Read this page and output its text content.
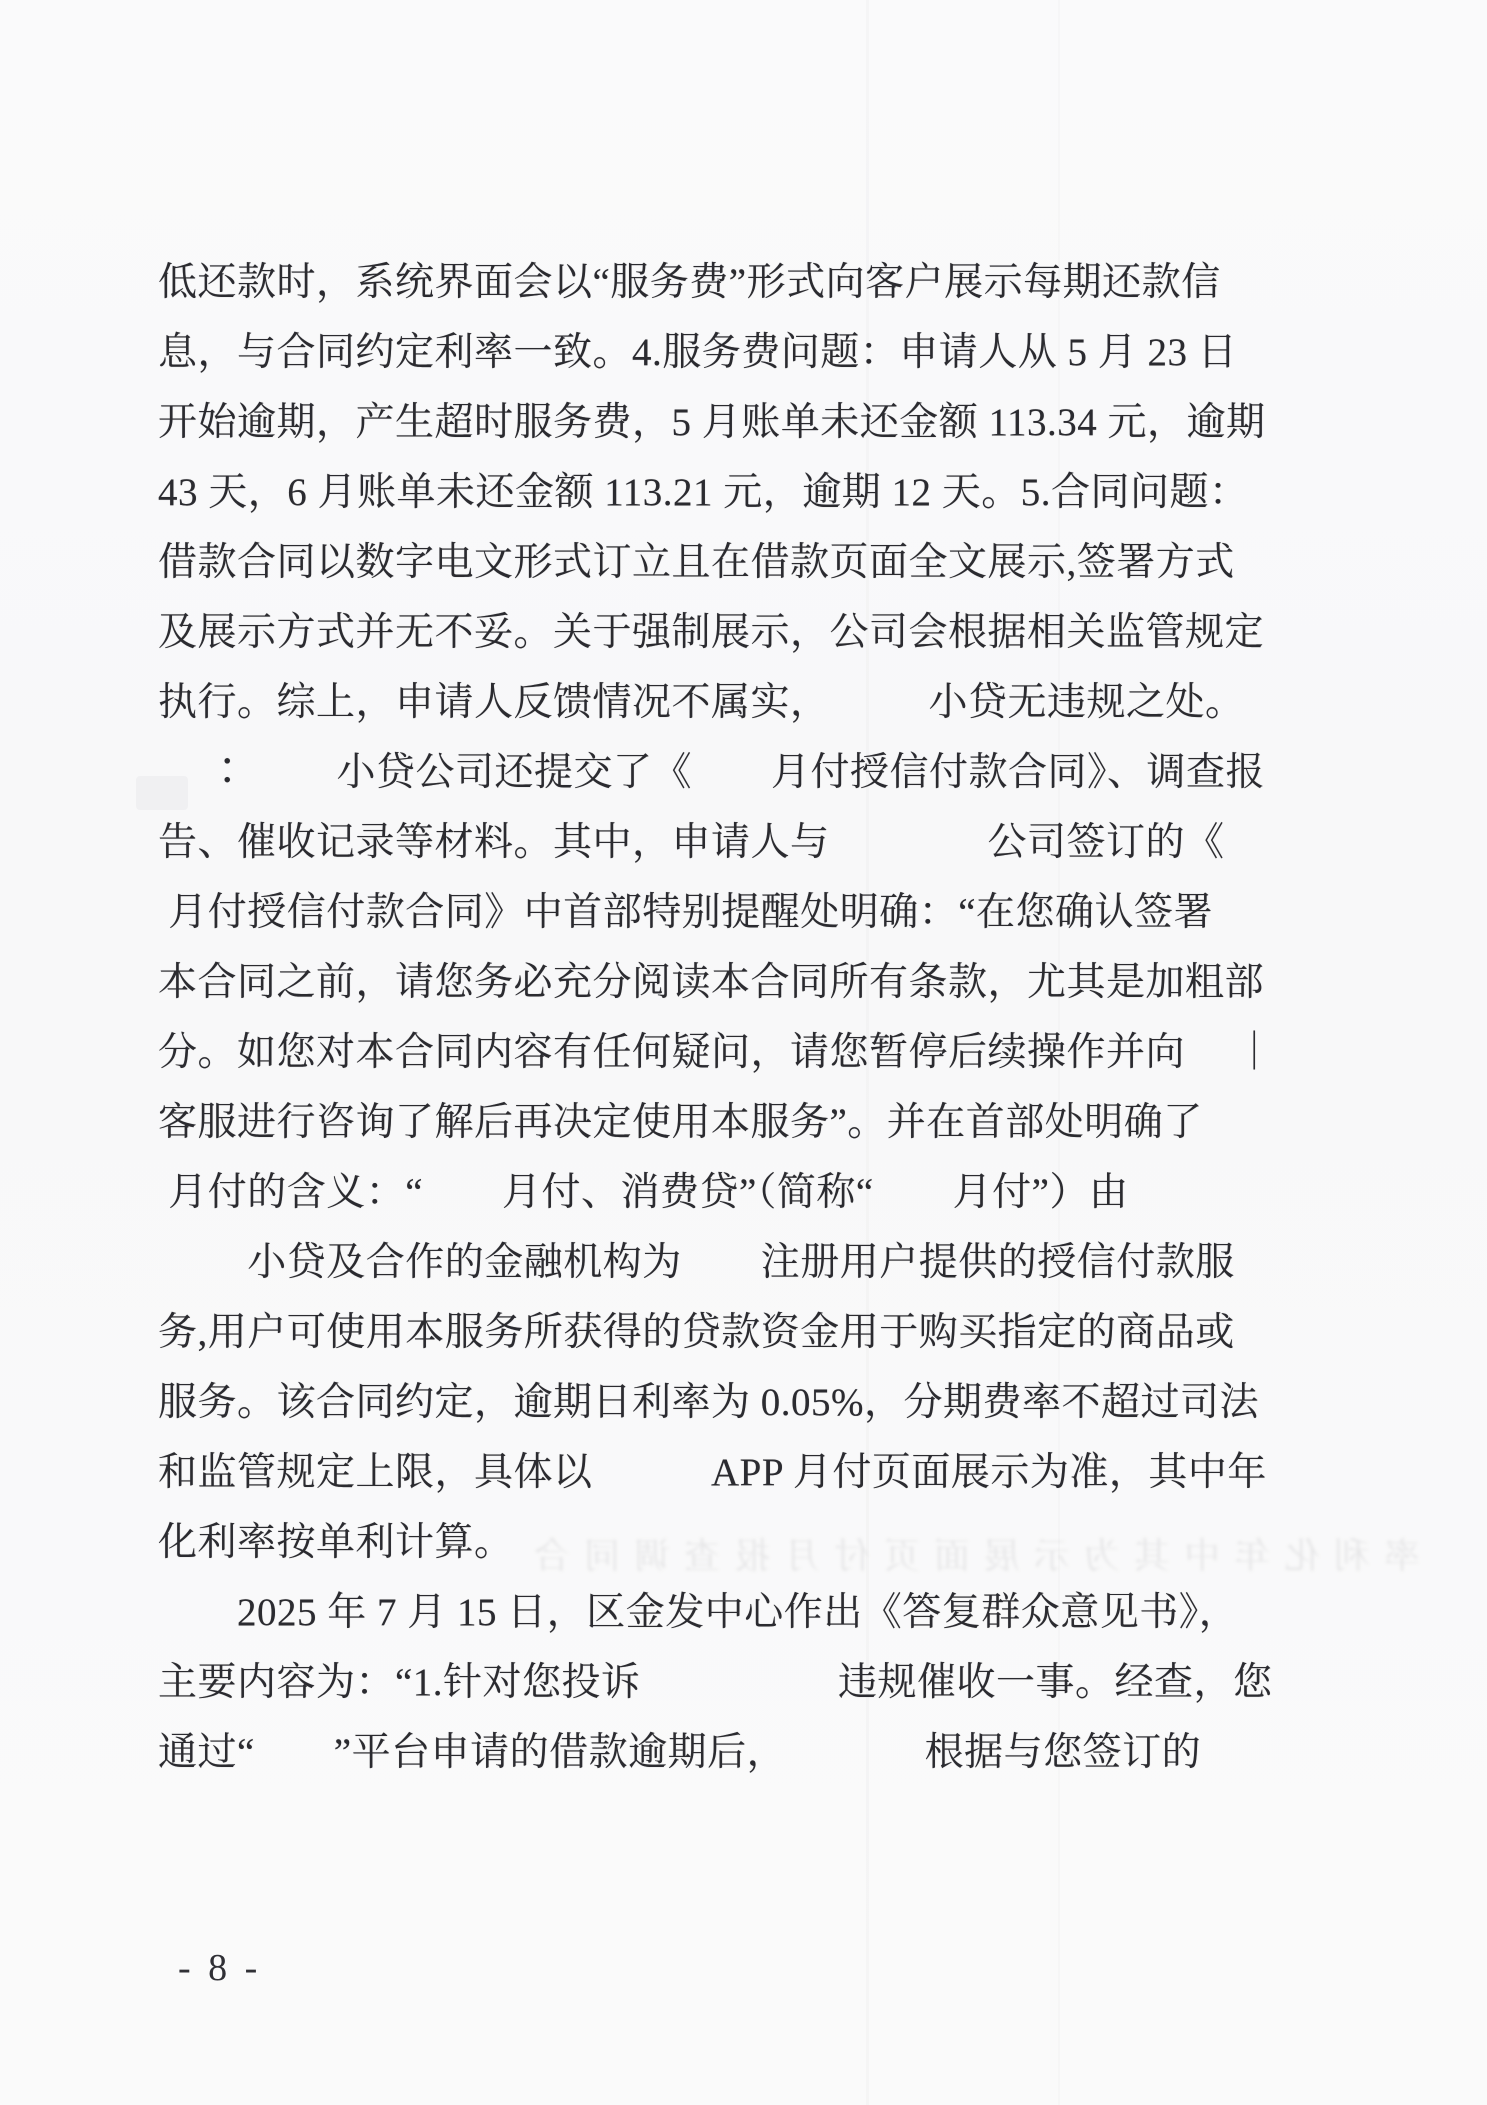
率利化年中其为示展面页付月报查调同合
低还款时，系统界面会以“服务费”形式向客户展示每期还款信
息，与合同约定利率一致。4.服务费问题：申请人从 5 月 23 日
开始逾期，产生超时服务费，5 月账单未还金额 113.34 元，逾期
43 天，6 月账单未还金额 113.21 元，逾期 12 天。5.合同问题：
借款合同以数字电文形式订立且在借款页面全文展示,签署方式
及展示方式并无不妥。关于强制展示，公司会根据相关监管规定
执行。综上，申请人反馈情况不属实，　　　小贷无违规之处。
　 ∶ 　　小贷公司还提交了《　　月付授信付款合同》、调查报
告、催收记录等材料。其中，申请人与　　　　公司签订的《
月付授信付款合同》中首部特别提醒处明确：“在您确认签署
本合同之前，请您务必充分阅读本合同所有条款，尤其是加粗部
分。如您对本合同内容有任何疑问，请您暂停后续操作并向　 ｜
客服进行咨询了解后再决定使用本服务”。并在首部处明确了
月付的含义：“　　月付、消费贷”（简称“　　月付”）由
　　 小贷及合作的金融机构为　　注册用户提供的授信付款服
务,用户可使用本服务所获得的贷款资金用于购买指定的商品或
服务。该合同约定，逾期日利率为 0.05%，分期费率不超过司法
和监管规定上限，具体以　　　APP 月付页面展示为准，其中年
化利率按单利计算。
　　2025 年 7 月 15 日，区金发中心作出《答复群众意见书》，
主要内容为：“1.针对您投诉　　　　　违规催收一事。经查，您
通过“　　”平台申请的借款逾期后，　　　　根据与您签订的
- 8 -
